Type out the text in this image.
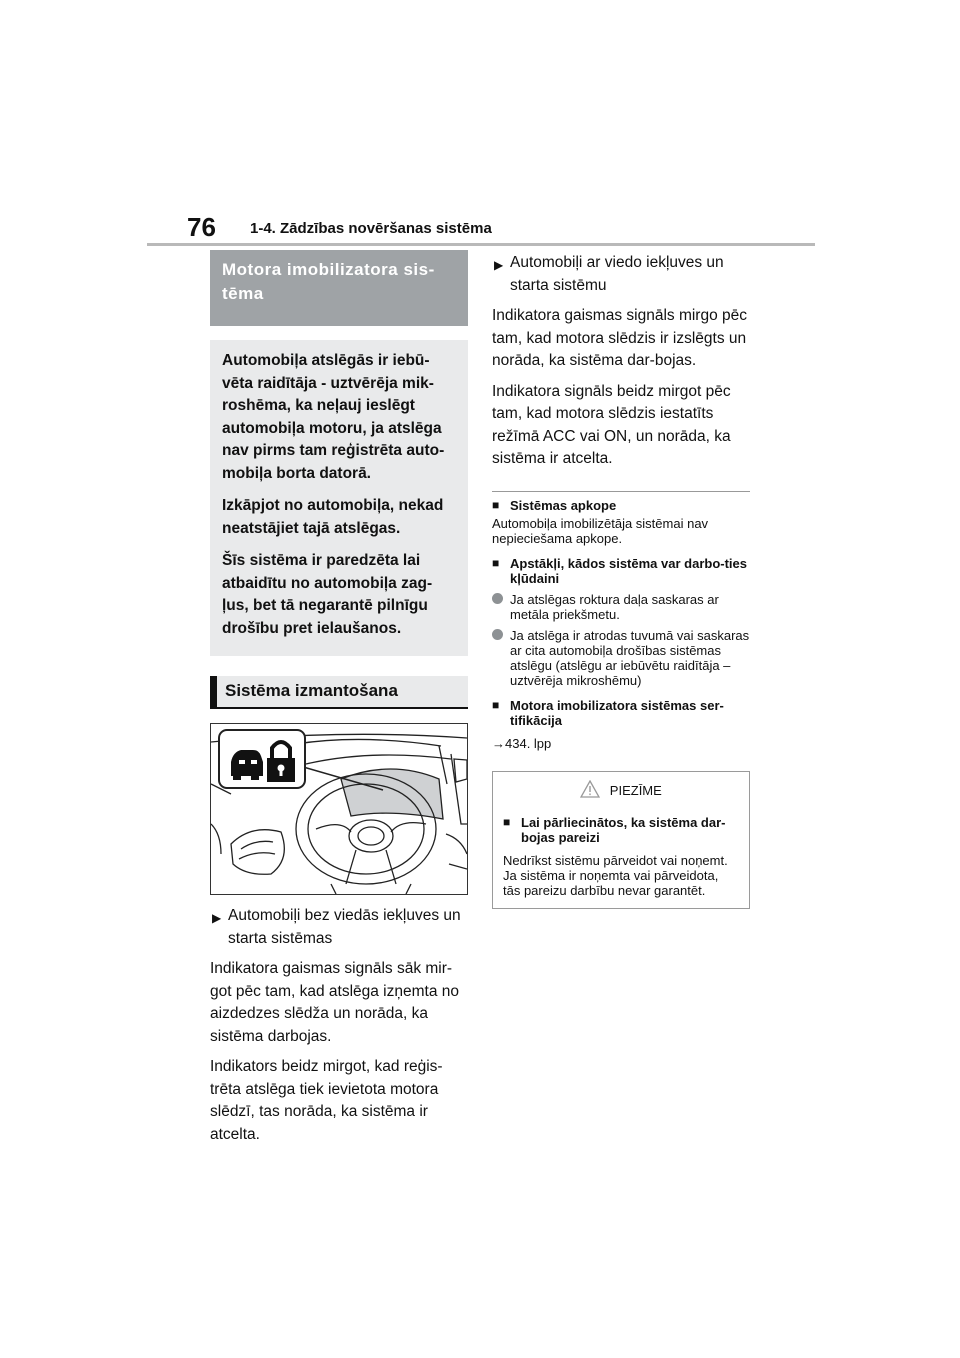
76 1-4. Zādzības novēršanas sistēma
Motora imobilizatora sis-tēma

Automobiļa atslēgās ir iebū-vēta raidītāja - uztvērēja mik-roshēma, ka neļauj ieslēgt automobiļa motoru, ja atslēga nav pirms tam reģistrēta auto-mobiļa borta datorā.

Izkāpjot no automobiļa, nekad neatstājiet tajā atslēgas.

Šīs sistēma ir paredzēta lai atbaidītu no automobiļa zag-ļus, bet tā negarantē pilnīgu drošību pret ielaušanos.

Sistēma izmantošana
▶ Automobiļi bez viedās iekļuves un starta sistēmas

Indikatora gaismas signāls sāk mir-got pēc tam, kad atslēga izņemta no aizdedzes slēdža un norāda, ka sistēma darbojas.

Indikators beidz mirgot, kad reģis-trēta atslēga tiek ievietota motora slēdzī, tas norāda, ka sistēma ir atcelta.

▶ Automobiļi ar viedo iekļuves un starta sistēmu

Indikatora gaismas signāls mirgo pēc tam, kad motora slēdzis ir izslēgts un norāda, ka sistēma dar-bojas.

Indikatora signāls beidz mirgot pēc tam, kad motora slēdzis iestatīts režīmā ACC vai ON, un norāda, ka sistēma ir atcelta.

■ Sistēmas apkope
Automobiļa imobilizētāja sistēmai nav nepieciešama apkope.
■ Apstākļi, kādos sistēma var darbo-ties kļūdaini
Ja atslēgas roktura daļa saskaras ar metāla priekšmetu.
Ja atslēga ir atrodas tuvumā vai saskaras ar cita automobiļa drošības sistēmas atslēgu (atslēgu ar iebūvētu raidītāja – uztvērēja mikroshēmu)
■ Motora imobilizatora sistēmas ser-tifikācija
→434. lpp
PIEZĪME
■ Lai pārliecinātos, ka sistēma dar-bojas pareizi
Nedrīkst sistēmu pārveidot vai noņemt. Ja sistēma ir noņemta vai pārveidota, tās pareizu darbību nevar garantēt.
